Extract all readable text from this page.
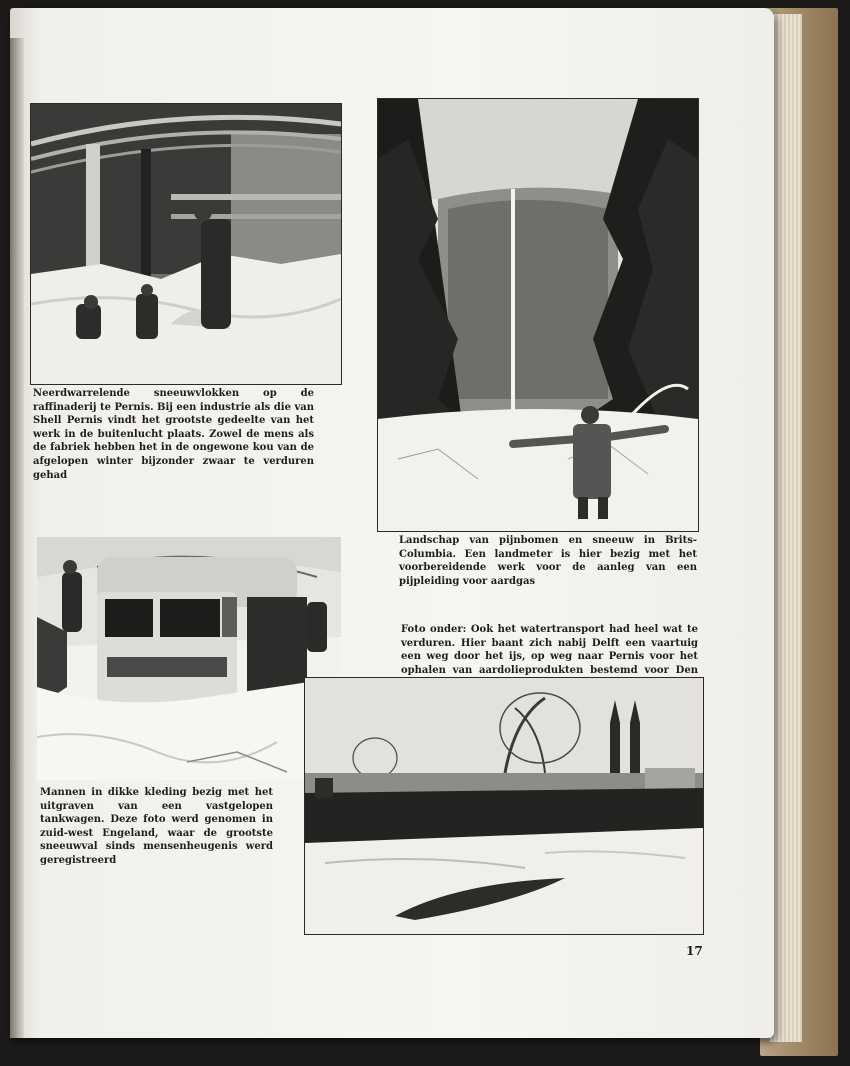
Neerdwarrelende sneeuwvlokken op de raffinaderij te Pernis. Bij een industrie als die van Shell Pernis vindt het grootste gedeelte van het werk in de buitenlucht plaats. Zowel de mens als de fabriek hebben het in de ongewone kou van de afgelopen winter bijzonder zwaar te verduren gehad

Landschap van pijnbomen en sneeuw in Brits-Columbia. Een landmeter is hier bezig met het voorbereidende werk voor de aanleg van een pijpleiding voor aardgas

Foto onder: Ook het watertransport had heel wat te verduren. Hier baant zich nabij Delft een vaartuig een weg door het ijs, op weg naar Pernis voor het ophalen van aardolieprodukten bestemd voor Den

Mannen in dikke kleding bezig met het uitgraven van een vastgelopen tankwagen. Deze foto werd genomen in zuid-west Engeland, waar de grootste sneeuwval sinds mensenheugenis werd geregistreerd

17
